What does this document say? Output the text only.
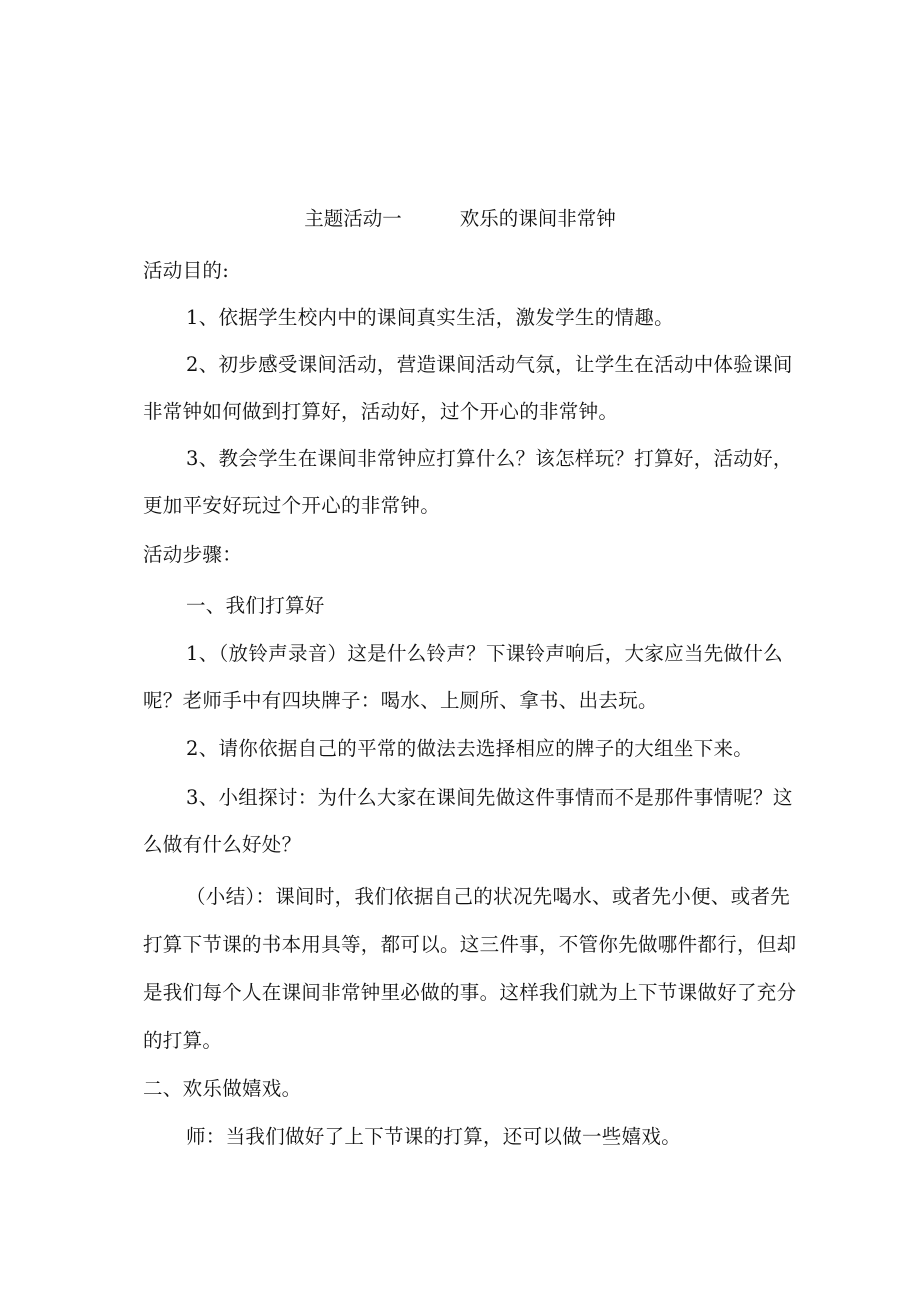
主题活动一	欢乐的课间非常钟
活动目的:
1、依据学生校内中的课间真实生活，激发学生的情趣。
2、初步感受课间活动，营造课间活动气氛，让学生在活动中体验课间
非常钟如何做到打算好，活动好，过个开心的非常钟。
3、教会学生在课间非常钟应打算什么？该怎样玩？打算好，活动好，
更加平安好玩过个开心的非常钟。
活动步骤：
一、我们打算好
1、（放铃声录音）这是什么铃声？下课铃声响后，大家应当先做什么
呢？老师手中有四块牌子：喝水、上厕所、拿书、出去玩。
2、请你依据自己的平常的做法去选择相应的牌子的大组坐下来。
3、小组探讨：为什么大家在课间先做这件事情而不是那件事情呢？这
么做有什么好处？
（小结）：课间时，我们依据自己的状况先喝水、或者先小便、或者先
打算下节课的书本用具等，都可以。这三件事，不管你先做哪件都行，但却
是我们每个人在课间非常钟里必做的事。这样我们就为上下节课做好了充分
的打算。
二、欢乐做嬉戏。
师：当我们做好了上下节课的打算，还可以做一些嬉戏。
